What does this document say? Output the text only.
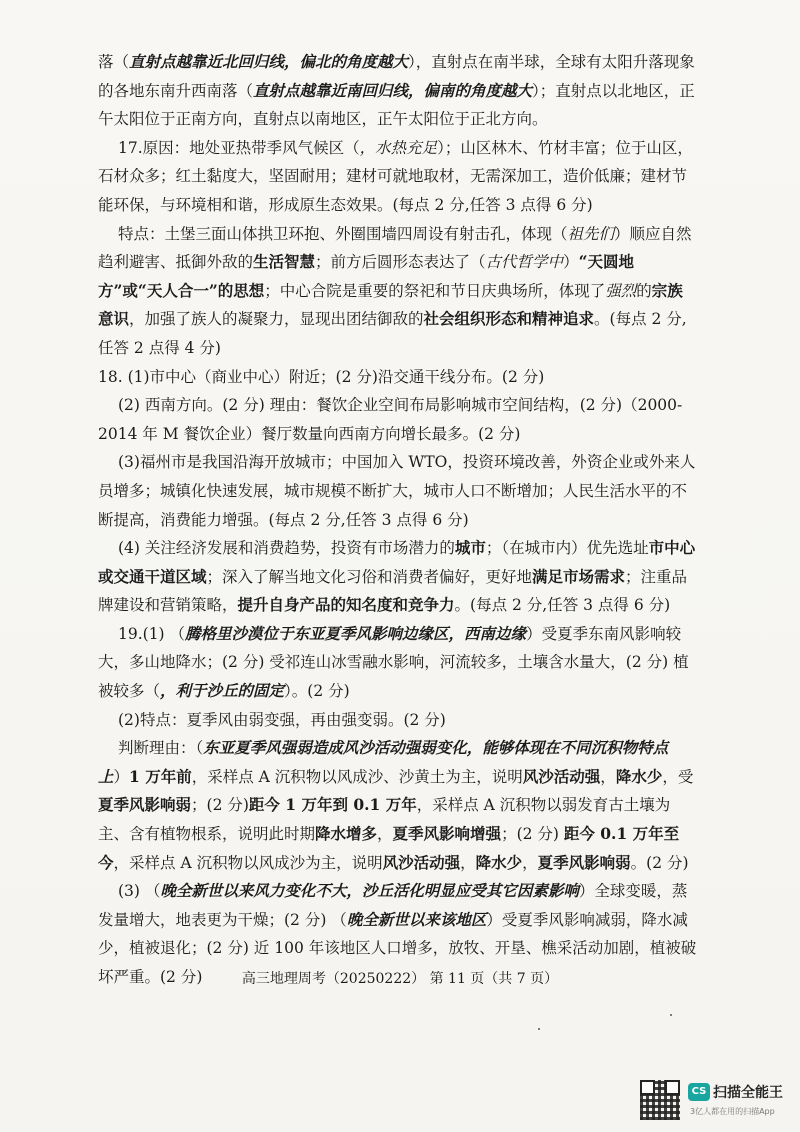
落（直射点越靠近北回归线，偏北的角度越大），直射点在南半球，全球有太阳升落现象的各地东南升西南落（直射点越靠近南回归线，偏南的角度越大）；直射点以北地区，正午太阳位于正南方向，直射点以南地区，正午太阳位于正北方向。

17.原因：地处亚热带季风气候区（，水热充足）；山区林木、竹材丰富；位于山区，石材众多；红土黏度大，坚固耐用；建材可就地取材，无需深加工，造价低廉；建材节能环保，与环境相和谐，形成原生态效果。(每点 2 分,任答 3 点得 6 分)

特点：土堡三面山体拱卫环抱、外圈围墙四周设有射击孔，体现（祖先们）顺应自然趋利避害、抵御外敌的生活智慧；前方后圆形态表达了（古代哲学中）“天圆地方”或“天人合一”的思想；中心合院是重要的祭祀和节日庆典场所，体现了强烈的宗族意识，加强了族人的凝聚力，显现出团结御敌的社会组织形态和精神追求。(每点 2 分,任答 2 点得 4 分)

18. (1)市中心（商业中心）附近；(2 分)沿交通干线分布。(2 分)

(2) 西南方向。(2 分) 理由：餐饮企业空间布局影响城市空间结构，(2 分)（2000-2014 年 M 餐饮企业）餐厅数量向西南方向增长最多。(2 分)

(3)福州市是我国沿海开放城市；中国加入 WTO，投资环境改善，外资企业或外来人员增多；城镇化快速发展，城市规模不断扩大，城市人口不断增加；人民生活水平的不断提高，消费能力增强。(每点 2 分,任答 3 点得 6 分)

(4) 关注经济发展和消费趋势，投资有市场潜力的城市；（在城市内）优先选址市中心或交通干道区域；深入了解当地文化习俗和消费者偏好，更好地满足市场需求；注重品牌建设和营销策略，提升自身产品的知名度和竞争力。(每点 2 分,任答 3 点得 6 分)

19.(1) （腾格里沙漠位于东亚夏季风影响边缘区，西南边缘）受夏季东南风影响较大，多山地降水；(2 分) 受祁连山冰雪融水影响，河流较多，土壤含水量大，(2 分) 植被较多（，利于沙丘的固定）。(2 分)

(2)特点：夏季风由弱变强，再由强变弱。(2 分)

判断理由：（东亚夏季风强弱造成风沙活动强弱变化，能够体现在不同沉积物特点上）1 万年前，采样点 A 沉积物以风成沙、沙黄土为主，说明风沙活动强，降水少，受夏季风影响弱；(2 分)距今 1 万年到 0.1 万年，采样点 A 沉积物以弱发育古土壤为主、含有植物根系，说明此时期降水增多，夏季风影响增强；(2 分) 距今 0.1 万年至今，采样点 A 沉积物以风成沙为主，说明风沙活动强，降水少，夏季风影响弱。(2 分)

(3) （晚全新世以来风力变化不大，沙丘活化明显应受其它因素影响）全球变暖，蒸发量增大，地表更为干燥；(2 分) （晚全新世以来该地区）受夏季风影响减弱，降水减少，植被退化；(2 分) 近 100 年该地区人口增多，放牧、开垦、樵采活动加剧，植被破坏严重。(2 分)	高三地理周考（20250222） 第 11 页（共 7 页）
CS 扫描全能王
3亿人都在用的扫描App
